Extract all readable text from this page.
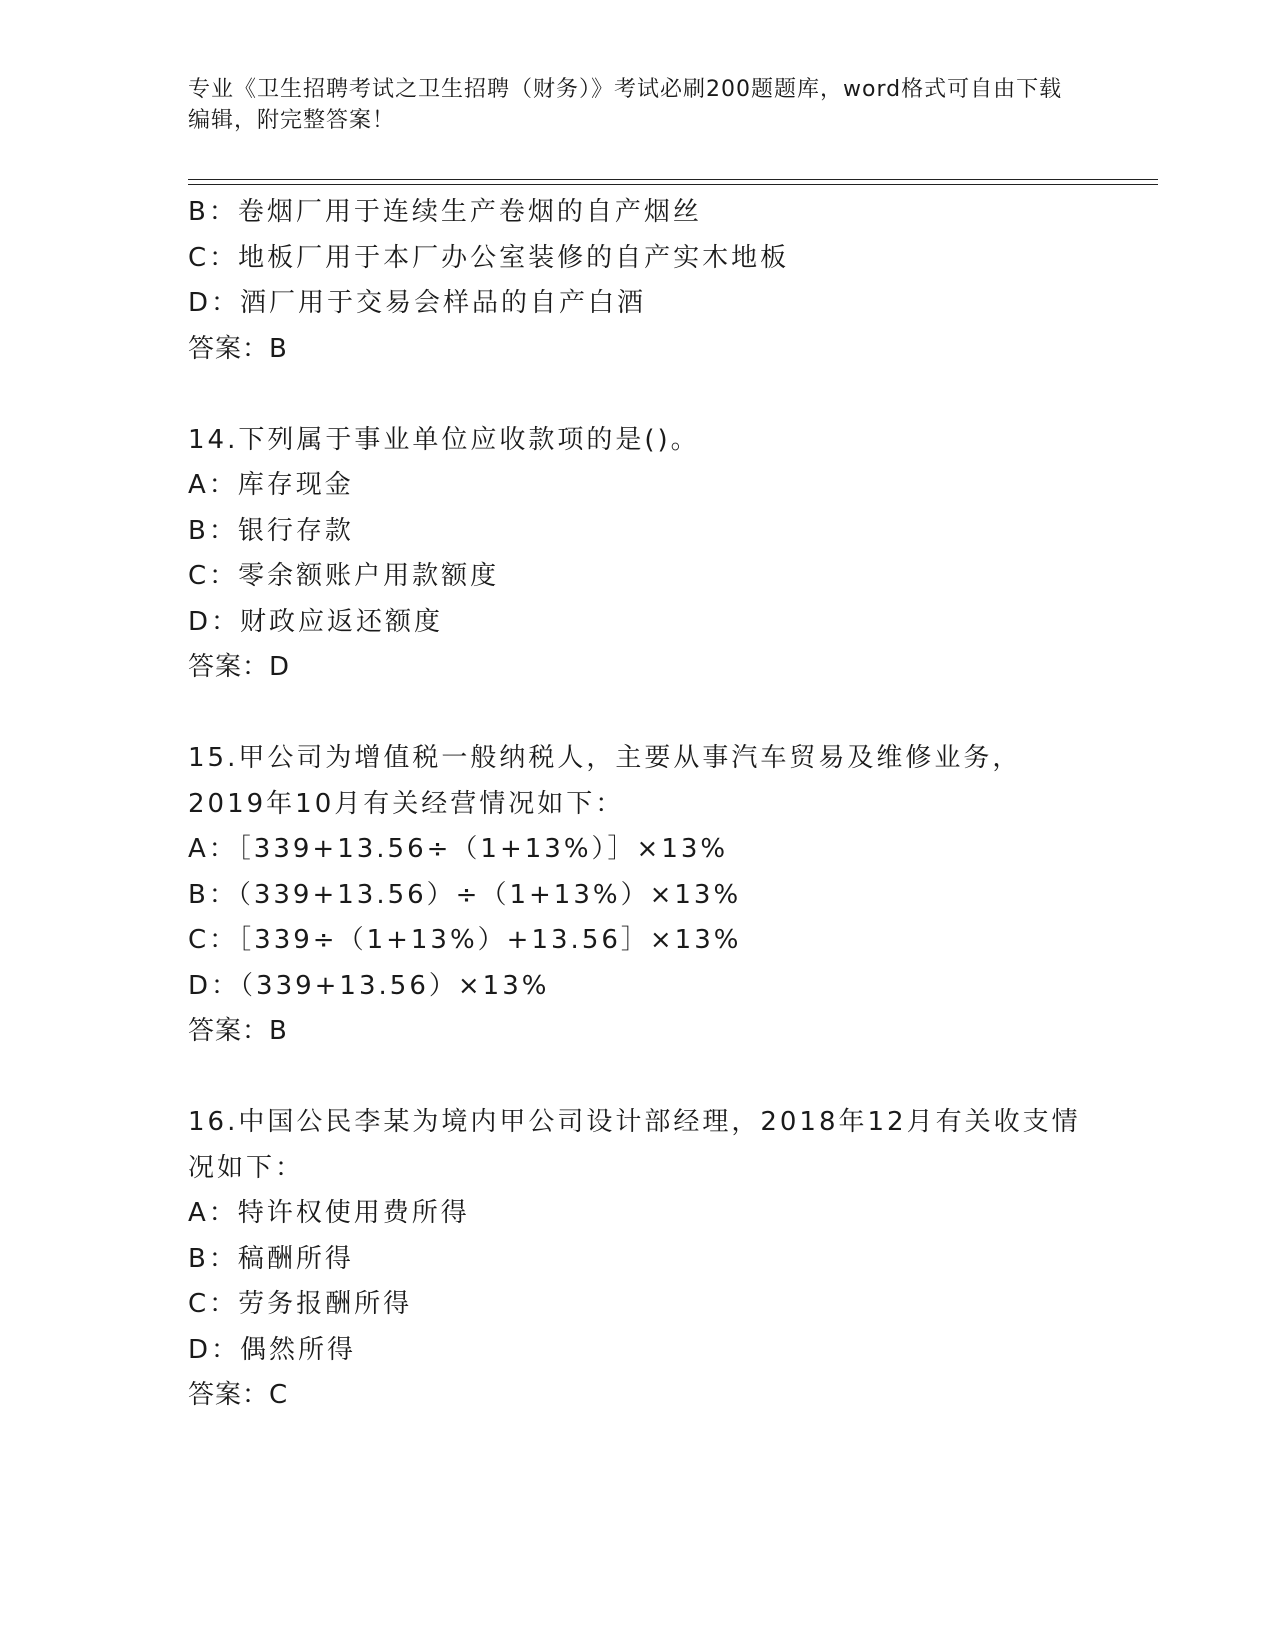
专业《卫生招聘考试之卫生招聘（财务）》考试必刷200题题库，word格式可自由下载编辑，附完整答案！
B：卷烟厂用于连续生产卷烟的自产烟丝
C：地板厂用于本厂办公室装修的自产实木地板
D：酒厂用于交易会样品的自产白酒
答案：B
14.下列属于事业单位应收款项的是()。
A：库存现金
B：银行存款
C：零余额账户用款额度
D：财政应返还额度
答案：D
15.甲公司为增值税一般纳税人，主要从事汽车贸易及维修业务，2019年10月有关经营情况如下：
A：［339+13.56÷（1+13%）］×13%
B：（339+13.56）÷（1+13%）×13%
C：［339÷（1+13%）+13.56］×13%
D：（339+13.56）×13%
答案：B
16.中国公民李某为境内甲公司设计部经理，2018年12月有关收支情况如下：
A：特许权使用费所得
B：稿酬所得
C：劳务报酬所得
D：偶然所得
答案：C
